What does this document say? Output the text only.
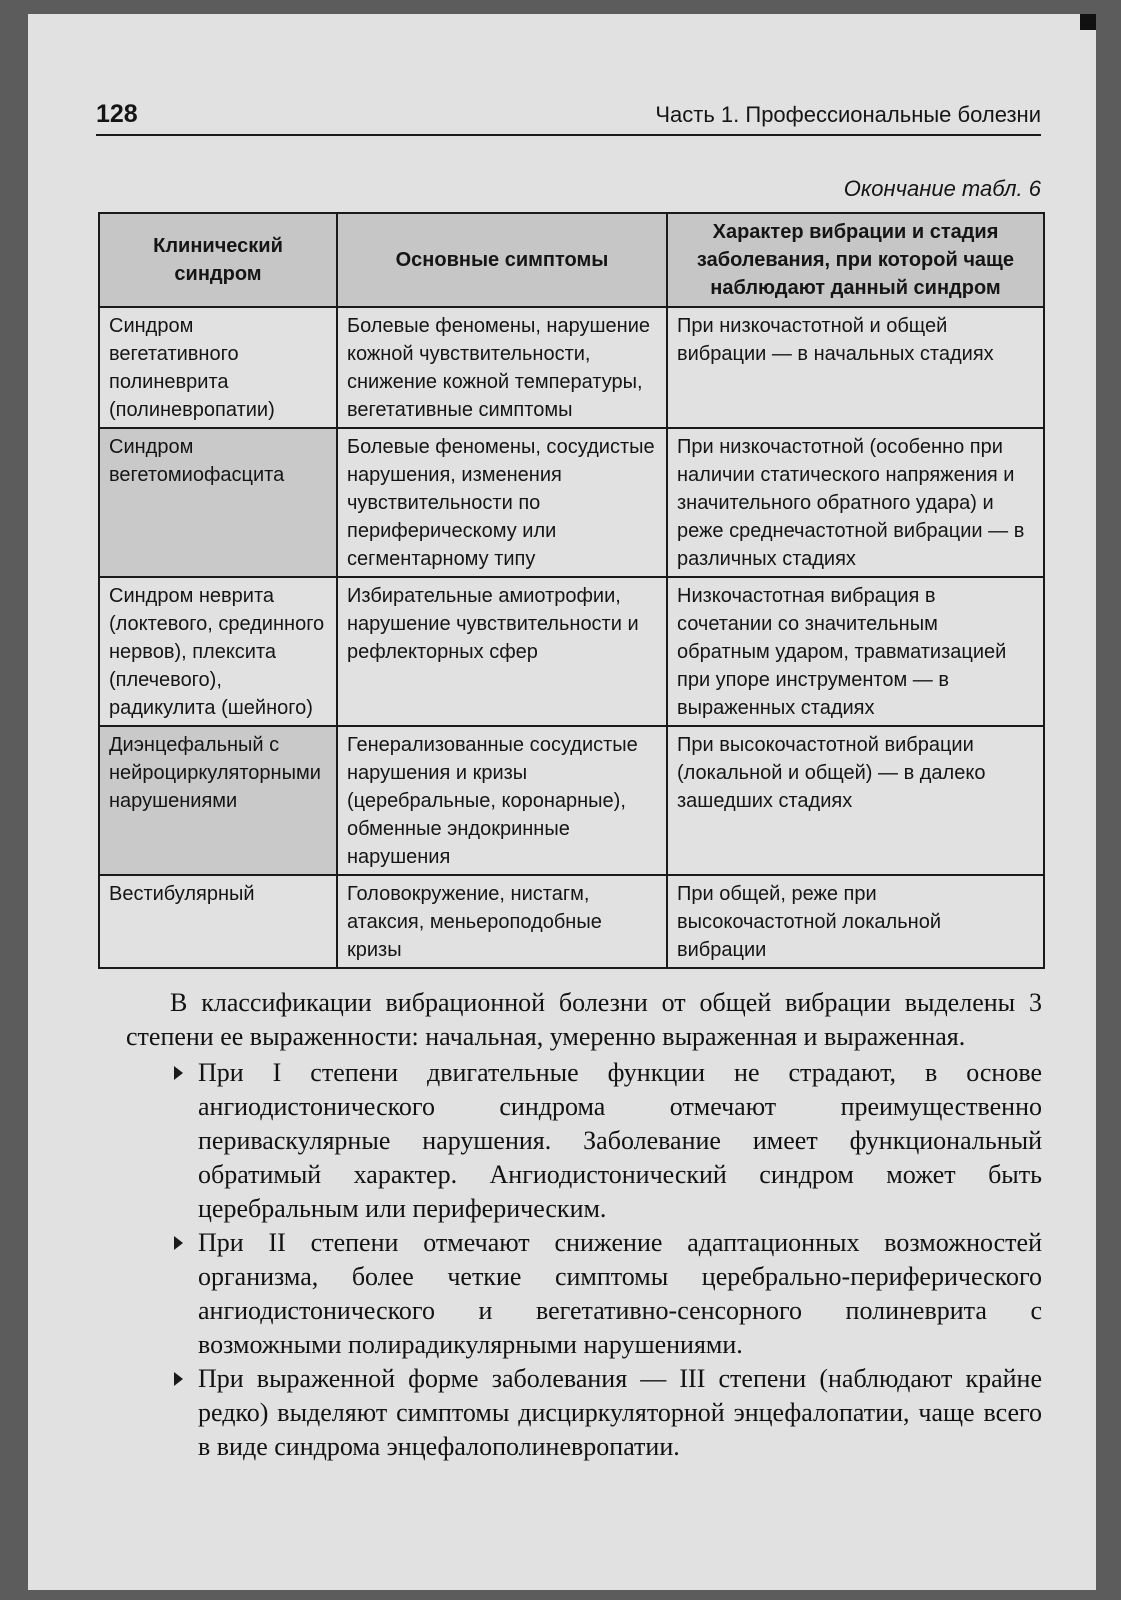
128	Часть 1. Профессиональные болезни
Окончание табл. 6
Клинический синдром	Основные симптомы	Характер вибрации и стадия заболевания, при которой чаще наблюдают данный синдром
Синдром вегетативного полиневрита (полиневропатии)	Болевые феномены, нарушение кожной чувствительности, снижение кожной температуры, вегетативные симптомы	При низкочастотной и общей вибрации — в начальных стадиях
Синдром вегетомиофасцита	Болевые феномены, сосудистые нарушения, изменения чувствительности по периферическому или сегментарному типу	При низкочастотной (особенно при наличии статического напряжения и значительного обратного удара) и реже среднечастотной вибрации — в различных стадиях
Синдром неврита (локтевого, срединного нервов), плексита (плечевого), радикулита (шейного)	Избирательные амиотрофии, нарушение чувствительности и рефлекторных сфер	Низкочастотная вибрация в сочетании со значительным обратным ударом, травматизацией при упоре инструментом — в выраженных стадиях
Диэнцефальный с нейроциркуляторными нарушениями	Генерализованные сосудистые нарушения и кризы (церебральные, коронарные), обменные эндокринные нарушения	При высокочастотной вибрации (локальной и общей) — в далеко зашедших стадиях
Вестибулярный	Головокружение, нистагм, атаксия, меньероподобные кризы	При общей, реже при высокочастотной локальной вибрации

В классификации вибрационной болезни от общей вибрации выделены 3 степени ее выраженности: начальная, умеренно выраженная и выраженная.

При I степени двигательные функции не страдают, в основе ангиодистонического синдрома отмечают преимущественно периваскулярные нарушения. Заболевание имеет функциональный обратимый характер. Ангиодистонический синдром может быть церебральным или периферическим.
При II степени отмечают снижение адаптационных возможностей организма, более четкие симптомы церебрально-периферического ангиодистонического и вегетативно-сенсорного полиневрита с возможными полирадикулярными нарушениями.
При выраженной форме заболевания — III степени (наблюдают крайне редко) выделяют симптомы дисциркуляторной энцефалопатии, чаще всего в виде синдрома энцефалополиневропатии.
